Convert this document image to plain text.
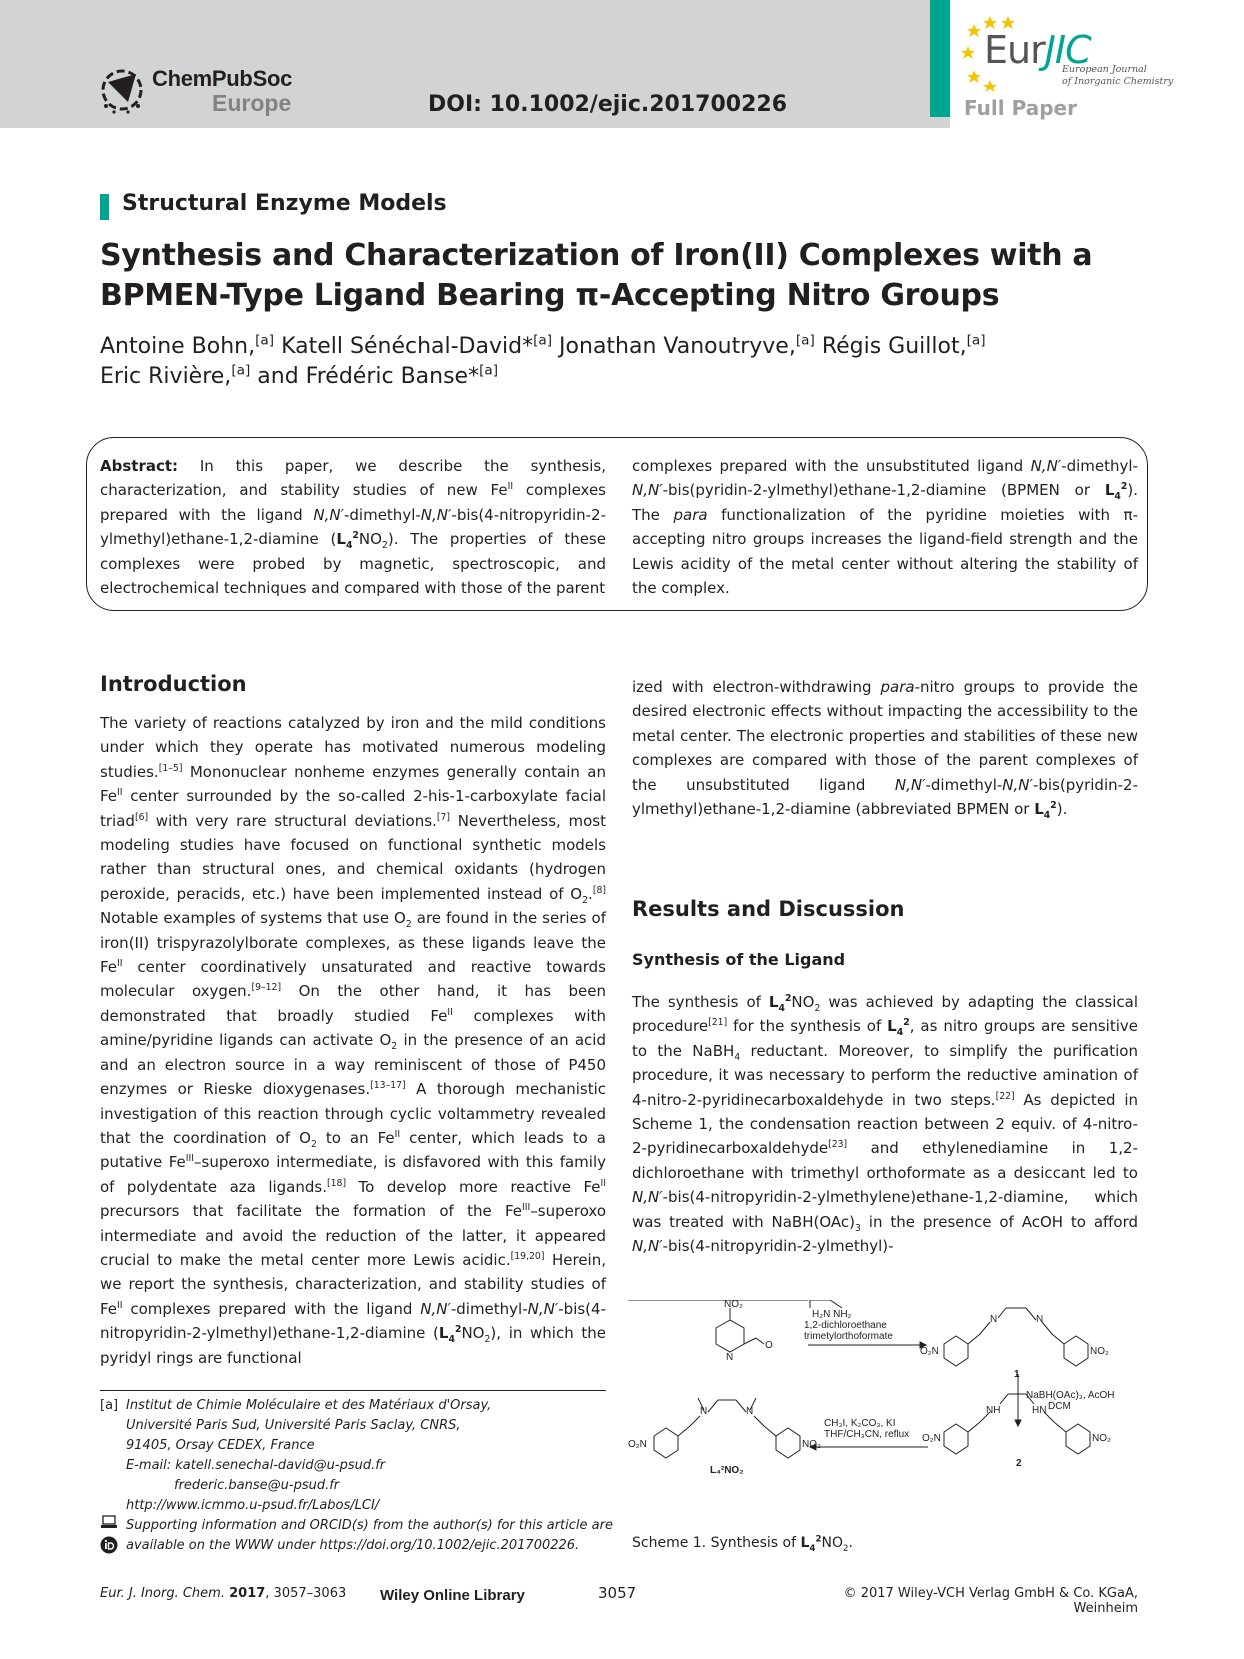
ChemPubSoc
Europe	DOI: 10.1002/ejic.201700226
EurJIC
European Journal
of Inorganic Chemistry
Full Paper
Structural Enzyme Models
Synthesis and Characterization of Iron(II) Complexes with a
BPMEN-Type Ligand Bearing π-Accepting Nitro Groups
Antoine Bohn,[a] Katell Sénéchal-David*[a] Jonathan Vanoutryve,[a] Régis Guillot,[a]
Eric Rivière,[a] and Frédéric Banse*[a]

Abstract: In this paper, we describe the synthesis, characterization, and stability studies of new $Fe^{II}$ complexes prepared with the ligand N,N′-dimethyl-N,N′-bis(4-nitropyridin-2-ylmethyl)ethane-1,2-diamine $(L_4^2NO_2)$. The properties of these complexes were probed by magnetic, spectroscopic, and electrochemical techniques and compared with those of the parent

complexes prepared with the unsubstituted ligand N,N′-dimethyl-N,N′-bis(pyridin-2-ylmethyl)ethane-1,2-diamine (BPMEN or $L_4^2$). The para functionalization of the pyridine moieties with π-accepting nitro groups increases the ligand-field strength and the Lewis acidity of the metal center without altering the stability of the complex.

Introduction

The variety of reactions catalyzed by iron and the mild conditions under which they operate has motivated numerous modeling studies.[1–5] Mononuclear nonheme enzymes generally contain an $Fe^{II}$ center surrounded by the so-called 2-his-1-carboxylate facial triad[6] with very rare structural deviations.[7] Nevertheless, most modeling studies have focused on functional synthetic models rather than structural ones, and chemical oxidants (hydrogen peroxide, peracids, etc.) have been implemented instead of $O_2.[8]$ Notable examples of systems that use $O_2$ are found in the series of iron(II) trispyrazolylborate complexes, as these ligands leave the $Fe^{II}$ center coordinatively unsaturated and reactive towards molecular oxygen.[9–12] On the other hand, it has been demonstrated that broadly studied $Fe^{II}$ complexes with amine/pyridine ligands can activate $O_2$ in the presence of an acid and an electron source in a way reminiscent of those of P450 enzymes or Rieske dioxygenases.[13–17] A thorough mechanistic investigation of this reaction through cyclic voltammetry revealed that the coordination of $O_2$ to an $Fe^{II}$ center, which leads to a putative $Fe^{III}$–superoxo intermediate, is disfavored with this family of polydentate aza ligands.[18] To develop more reactive $Fe^{II}$ precursors that facilitate the formation of the $Fe^{III}$–superoxo intermediate and avoid the reduction of the latter, it appeared crucial to make the metal center more Lewis acidic.[19,20] Herein, we report the synthesis, characterization, and stability studies of $Fe^{II}$ complexes prepared with the ligand N,N′-dimethyl-N,N′-bis(4-nitropyridin-2-ylmethyl)ethane-1,2-diamine $(L_4^2NO_2)$, in which the pyridyl rings are functional

ized with electron-withdrawing para-nitro groups to provide the desired electronic effects without impacting the accessibility to the metal center. The electronic properties and stabilities of these new complexes are compared with those of the parent complexes of the unsubstituted ligand N,N′-dimethyl-N,N′-bis(pyridin-2-ylmethyl)ethane-1,2-diamine (abbreviated BPMEN or $L_4^2$).

Results and Discussion
Synthesis of the Ligand

The synthesis of $L_4^2NO_2$ was achieved by adapting the classical procedure[21] for the synthesis of $L_4^2$, as nitro groups are sensitive to the NaBH$_4$ reductant. Moreover, to simplify the purification procedure, it was necessary to perform the reductive amination of 4-nitro-2-pyridinecarboxaldehyde in two steps.[22] As depicted in Scheme 1, the condensation reaction between 2 equiv. of 4-nitro-2-pyridinecarboxaldehyde[23] and ethylenediamine in 1,2-dichloroethane with trimethyl orthoformate as a desiccant led to N,N′-bis(4-nitropyridin-2-ylmethylene)ethane-1,2-diamine, which was treated with $NaBH(OAc)_3$ in the presence of AcOH to afford N,N′-bis(4-nitropyridin-2-ylmethyl)-

NO₂
O
N
H₂N NH₂
1,2-dichloroethane
trimetylorthoformate
O₂N
N	N
NO₂
1
NaBH(OAc)₃, AcOH
DCM
O₂N
NH	HN
NO₂
2
CH₃I, K₂CO₃, KI
THF/CH₃CN, reflux
O₂N
N	N
NO₂
L₄²NO₂
Scheme 1. Synthesis of $L_4^2NO_2$.
[a] Institut de Chimie Moléculaire et des Matériaux d'Orsay,
Université Paris Sud, Université Paris Saclay, CNRS,
91405, Orsay CEDEX, France
E-mail: katell.senechal-david@u-psud.fr
frederic.banse@u-psud.fr
http://www.icmmo.u-psud.fr/Labos/LCI/
Supporting information and ORCID(s) from the author(s) for this article are
available on the WWW under https://doi.org/10.1002/ejic.201700226.
Eur. J. Inorg. Chem. 2017, 3057–3063 Wiley Online Library	3057	© 2017 Wiley-VCH Verlag GmbH & Co. KGaA, Weinheim
